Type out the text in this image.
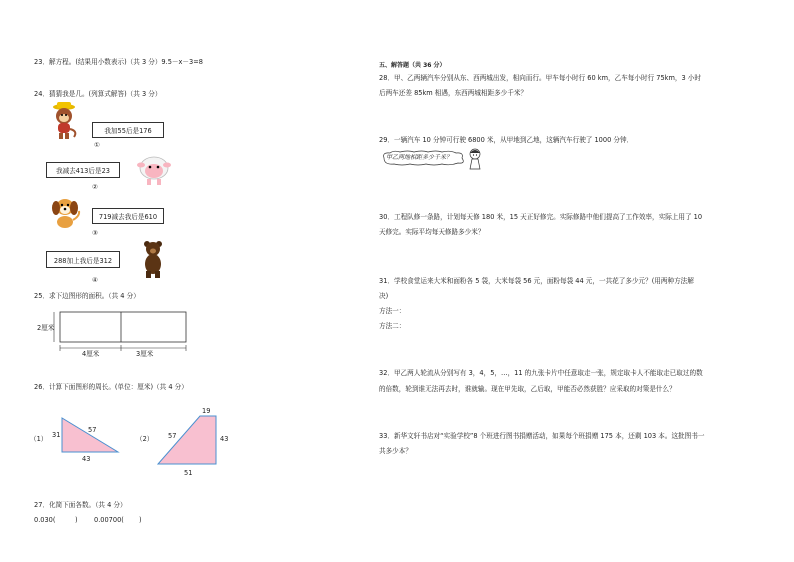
23．解方程。(结果用小数表示)（共 3 分）9.5－x－3=8
24．猜猜我是几。(列算式解答)（共 3 分）
我加55后是176
①
我减去413后是23
②
719减去我后是610
③
288加上我后是312
④
25．求下边图形的面积。（共 4 分）
2厘米
4厘米	3厘米
26．计算下面图形的周长。(单位：厘米)（共 4 分）
（1） 31
57
43
（2）
19
57	43
51
27．化简下面各数。（共 4 分）
0.030(	) 0.00700( )
五、解答题（共 36 分）
28．甲、乙两辆汽车分别从东、西两城出发，相向而行。甲车每小时行 60 km，乙车每小时行 75km，3 小时
后两车还差 85km 相遇，东西两城相距多少千米？
29．一辆汽车 10 分钟可行驶 6800 米，从甲地到乙地，这辆汽车行驶了 1000 分钟．
甲乙两地相距多少千米？
30．工程队修一条路，计划每天修 180 米，15 天正好修完。实际修路中他们提高了工作效率，实际上用了 10
天修完。实际平均每天修路多少米？
31．学校食堂运来大米和面粉各 5 袋，大米每袋 56 元，面粉每袋 44 元，一共花了多少元？(用两种方法解
决)
方法一：
方法二：
32．甲乙两人轮流从分别写有 3，4，5，…，11 的九张卡片中任意取走一张，规定取卡人不能取走已取过的数
的倍数，轮到谁无法再去时，谁就输。现在甲先取，乙后取，甲能否必然获胜？应采取的对策是什么？
33．新华文轩书店对“实验学校”8 个班进行图书捐赠活动，如果每个班捐赠 175 本，还剩 103 本。这批图书一
共多少本？
